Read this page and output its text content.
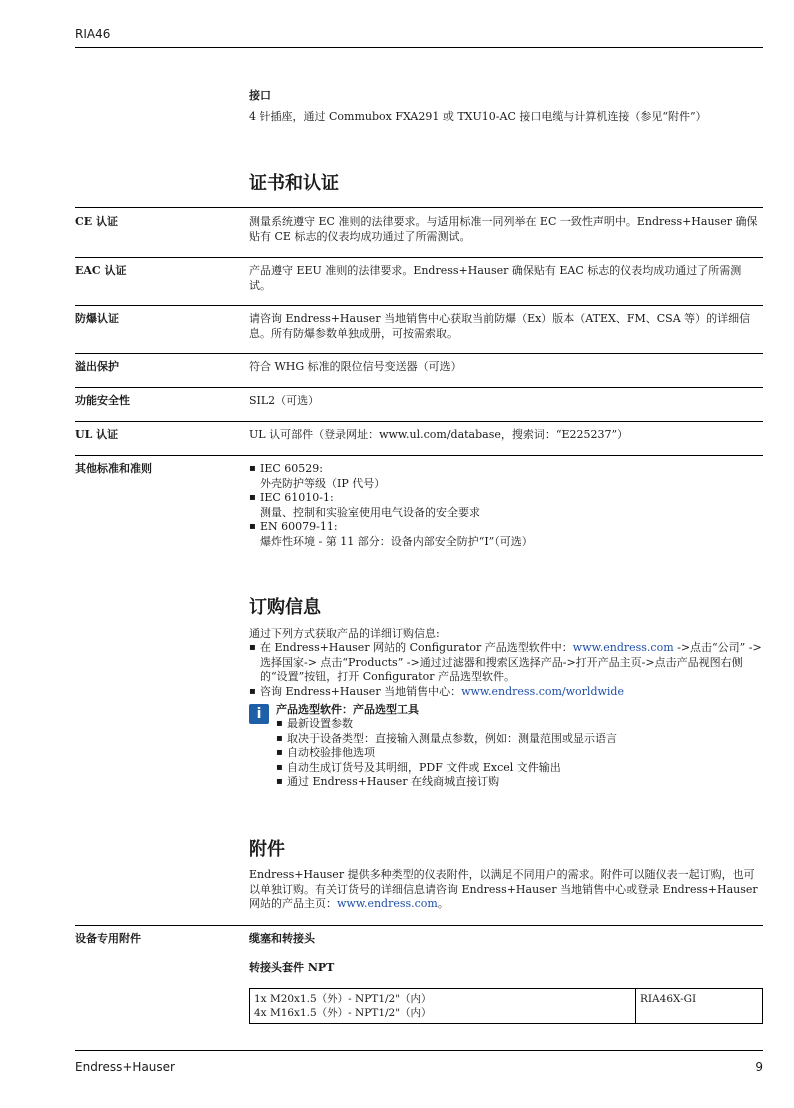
RIA46
接口
4 针插座，通过 Commubox FXA291 或 TXU10-AC 接口电缆与计算机连接（参见“附件”）
证书和认证
CE 认证	测量系统遵守 EC 准则的法律要求。与适用标准一同列举在 EC 一致性声明中。Endress+Hauser 确保贴有 CE 标志的仪表均成功通过了所需测试。
EAC 认证	产品遵守 EEU 准则的法律要求。Endress+Hauser 确保贴有 EAC 标志的仪表均成功通过了所需测试。
防爆认证	请咨询 Endress+Hauser 当地销售中心获取当前防爆（Ex）版本（ATEX、FM、CSA 等）的详细信息。所有防爆参数单独成册，可按需索取。
溢出保护	符合 WHG 标准的限位信号变送器（可选）
功能安全性	SIL2（可选）
UL 认证	UL 认可部件（登录网址：www.ul.com/database，搜索词：“E225237”）
其他标准和准则
▪	IEC 60529:
外壳防护等级（IP 代号）
▪ IEC 61010-1:
测量、控制和实验室使用电气设备的安全要求
▪ EN 60079-11:
爆炸性环境 - 第 11 部分：设备内部安全防护“I”（可选）
订购信息
通过下列方式获取产品的详细订购信息:
▪ 在 Endress+Hauser 网站的 Configurator 产品选型软件中：www.endress.com ->点击“公司” ->选择国家-> 点击“Products” ->通过过滤器和搜索区选择产品->打开产品主页->点击产品视图右侧的“设置”按钮，打开 Configurator 产品选型软件。
▪ 咨询 Endress+Hauser 当地销售中心：www.endress.com/worldwide
i	产品选型软件：产品选型工具
▪ 最新设置参数
▪ 取决于设备类型：直接输入测量点参数，例如：测量范围或显示语言
▪ 自动校验排他选项
▪ 自动生成订货号及其明细，PDF 文件或 Excel 文件输出
▪ 通过 Endress+Hauser 在线商城直接订购
附件
Endress+Hauser 提供多种类型的仪表附件，以满足不同用户的需求。附件可以随仪表一起订购，也可以单独订购。有关订货号的详细信息请咨询 Endress+Hauser 当地销售中心或登录 Endress+Hauser 网站的产品主页：www.endress.com。
设备专用附件	缆塞和转接头
转接头套件 NPT
1x M20x1.5（外）- NPT1/2"（内）
4x M16x1.5（外）- NPT1/2"（内）
	RIA46X-GI
Endress+Hauser	9
